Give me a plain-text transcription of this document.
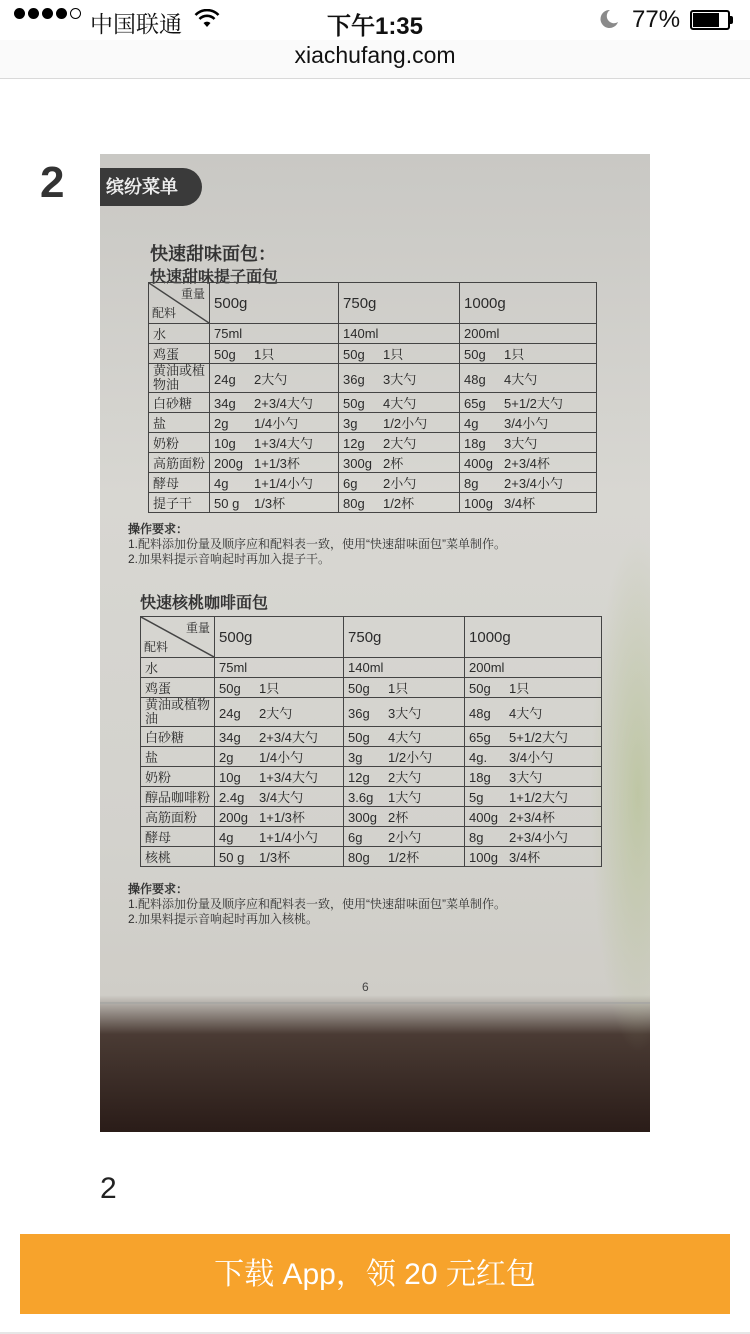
中国联通	下午1:35	77%
xiachufang.com
2	缤纷菜单
快速甜味面包：
快速甜味提子面包
重量
配料	500g	750g	1000g
水	75ml	140ml	200ml
鸡蛋	50g 1只	50g 1只	50g 1只
黄油或植物油	24g 2大勺	36g 3大勺	48g 4大勺
白砂糖	34g 2+3/4大勺	50g 4大勺	65g 5+1/2大勺
盐	2g 1/4小勺	3g 1/2小勺	4g 3/4小勺
奶粉	10g 1+3/4大勺	12g 2大勺	18g 3大勺
高筋面粉	200g 1+1/3杯	300g 2杯	400g 2+3/4杯
酵母	4g 1+1/4小勺	6g 2小勺	8g 2+3/4小勺
提子干	50 g 1/3杯	80g 1/2杯	100g 3/4杯
操作要求：
1.配料添加份量及顺序应和配料表一致，使用“快速甜味面包”菜单制作。
2.加果料提示音响起时再加入提子干。
快速核桃咖啡面包
重量
配料	500g	750g	1000g
水	75ml	140ml	200ml
鸡蛋	50g 1只	50g 1只	50g 1只
黄油或植物油	24g 2大勺	36g 3大勺	48g 4大勺
白砂糖	34g 2+3/4大勺	50g 4大勺	65g 5+1/2大勺
盐	2g 1/4小勺	3g 1/2小勺	4g. 3/4小勺
奶粉	10g 1+3/4大勺	12g 2大勺	18g 3大勺
醇品咖啡粉	2.4g 3/4大勺	3.6g 1大勺	5g 1+1/2大勺
高筋面粉	200g 1+1/3杯	300g 2杯	400g 2+3/4杯
酵母	4g 1+1/4小勺	6g 2小勺	8g 2+3/4小勺
核桃	50 g 1/3杯	80g 1/2杯	100g 3/4杯
操作要求：
1.配料添加份量及顺序应和配料表一致，使用“快速甜味面包”菜单制作。
2.加果料提示音响起时再加入核桃。
6
2
下载 App，领 20 元红包
